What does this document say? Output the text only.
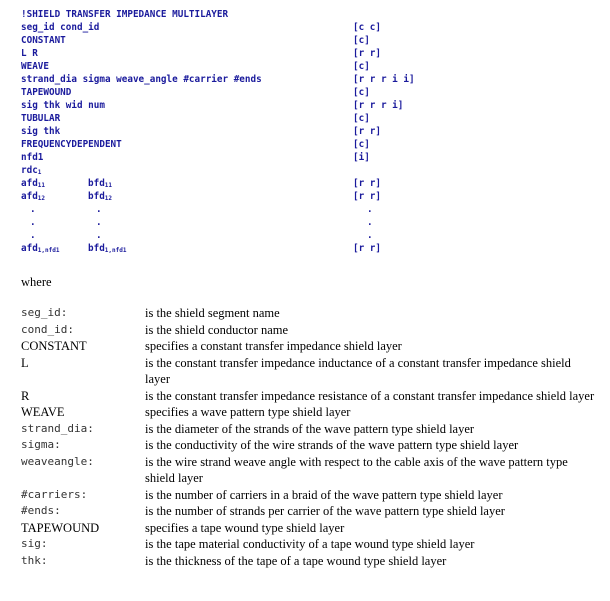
!SHIELD TRANSFER IMPEDANCE MULTILAYER
seg_id cond_id	[c c]
CONSTANT	[c]
L R	[r r]
WEAVE	[c]
strand_dia sigma weave_angle #carrier #ends	[r r r i i]
TAPEWOUND	[c]
sig thk wid num	[r r r i]
TUBULAR	[c]
sig thk	[r r]
FREQUENCYDEPENDENT	[c]
nfd1	[i]
rdc$_1$
afd$_{11}$	bfd$_{11}$	[r r]
afd$_{12}$	bfd$_{12}$	[r r]
.	.	.
.	.	.
.	.	.
afd$_{1,nfd1}$	bfd$_{1,nfd1}$	[r r]
where
seg_id:	is the shield segment name
cond_id:	is the shield conductor name
CONSTANT	specifies a constant transfer impedance shield layer
L	is the constant transfer impedance inductance of a constant transfer impedance shield layer
R	is the constant transfer impedance resistance of a constant transfer impedance shield layer
WEAVE	specifies a wave pattern type shield layer
strand_dia:	is the diameter of the strands of the wave pattern type shield layer
sigma:	is the conductivity of the wire strands of the wave pattern type shield layer
weaveangle:	is the wire strand weave angle with respect to the cable axis of the wave pattern type shield layer
#carriers:	is the number of carriers in a braid of the wave pattern type shield layer
#ends:	is the number of strands per carrier of the wave pattern type shield layer
TAPEWOUND	specifies a tape wound type shield layer
sig:	is the tape material conductivity of a tape wound type shield layer
thk:	is the thickness of the tape of a tape wound type shield layer
